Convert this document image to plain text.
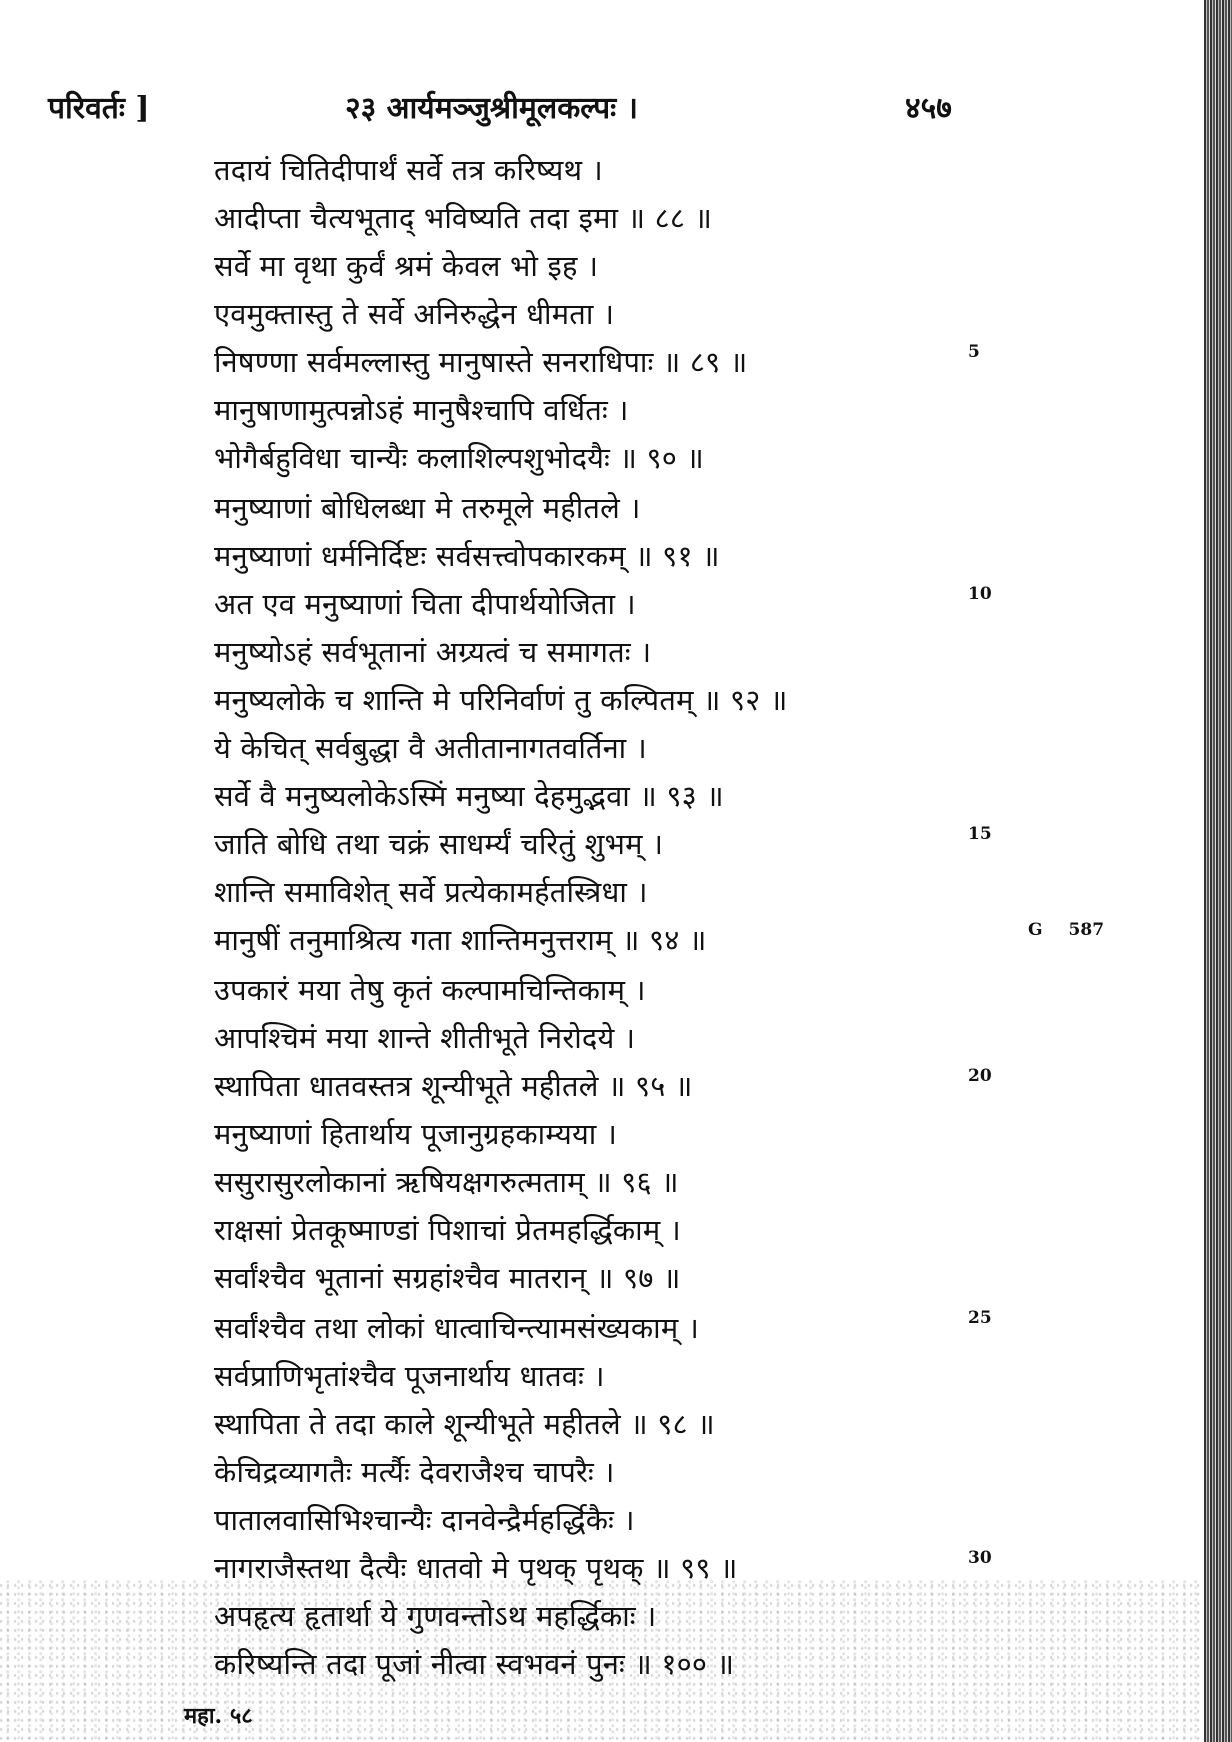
परिवर्तः ]	२३ आर्यमञ्जुश्रीमूलकल्पः ।	४५७
तदायं चितिदीपार्थं सर्वे तत्र करिष्यथ ।
आदीप्ता चैत्यभूताद् भविष्यति तदा इमा ॥ ८८ ॥
सर्वे मा वृथा कुर्वं श्रमं केवल भो इह ।
एवमुक्तास्तु ते सर्वे अनिरुद्धेन धीमता ।
निषण्णा सर्वमल्लास्तु मानुषास्ते सनराधिपाः ॥ ८९ ॥
मानुषाणामुत्पन्नोऽहं मानुषैश्चापि वर्धितः ।
भोगैर्बहुविधा चान्यैः कलाशिल्पशुभोदयैः ॥ ९० ॥
मनुष्याणां बोधिलब्धा मे तरुमूले महीतले ।
मनुष्याणां धर्मनिर्दिष्टः सर्वसत्त्वोपकारकम् ॥ ९१ ॥
अत एव मनुष्याणां चिता दीपार्थयोजिता ।
मनुष्योऽहं सर्वभूतानां अग्र्यत्वं च समागतः ।
मनुष्यलोके च शान्ति मे परिनिर्वाणं तु कल्पितम् ॥ ९२ ॥
ये केचित् सर्वबुद्धा वै अतीतानागतवर्तिना ।
सर्वे वै मनुष्यलोकेऽस्मिं मनुष्या देहमुद्भवा ॥ ९३ ॥
जाति बोधि तथा चक्रं साधर्म्यं चरितुं शुभम् ।
शान्ति समाविशेत् सर्वे प्रत्येकामर्हतस्त्रिधा ।
मानुषीं तनुमाश्रित्य गता शान्तिमनुत्तराम् ॥ ९४ ॥
उपकारं मया तेषु कृतं कल्पामचिन्तिकाम् ।
आपश्चिमं मया शान्ते शीतीभूते निरोदये ।
स्थापिता धातवस्तत्र शून्यीभूते महीतले ॥ ९५ ॥
मनुष्याणां हितार्थाय पूजानुग्रहकाम्यया ।
ससुरासुरलोकानां ऋषियक्षगरुत्मताम् ॥ ९६ ॥
राक्षसां प्रेतकूष्माण्डां पिशाचां प्रेतमहर्द्धिकाम् ।
सर्वांश्चैव भूतानां सग्रहांश्चैव मातरान् ॥ ९७ ॥
सर्वांश्चैव तथा लोकां धात्वाचिन्त्यामसंख्यकाम् ।
सर्वप्राणिभृतांश्चैव पूजनार्थाय धातवः ।
स्थापिता ते तदा काले शून्यीभूते महीतले ॥ ९८ ॥
केचिद्रव्यागतैः मर्त्यैः देवराजैश्च चापरैः ।
पातालवासिभिश्चान्यैः दानवेन्द्रैर्महर्द्धिकैः ।
नागराजैस्तथा दैत्यैः धातवो मे पृथक् पृथक् ॥ ९९ ॥
अपहृत्य हृतार्था ये गुणवन्तोऽथ महर्द्धिकाः ।
करिष्यन्ति तदा पूजां नीत्वा स्वभवनं पुनः ॥ १०० ॥
5
10
15
20
25
30
G 587
महा. ५८
